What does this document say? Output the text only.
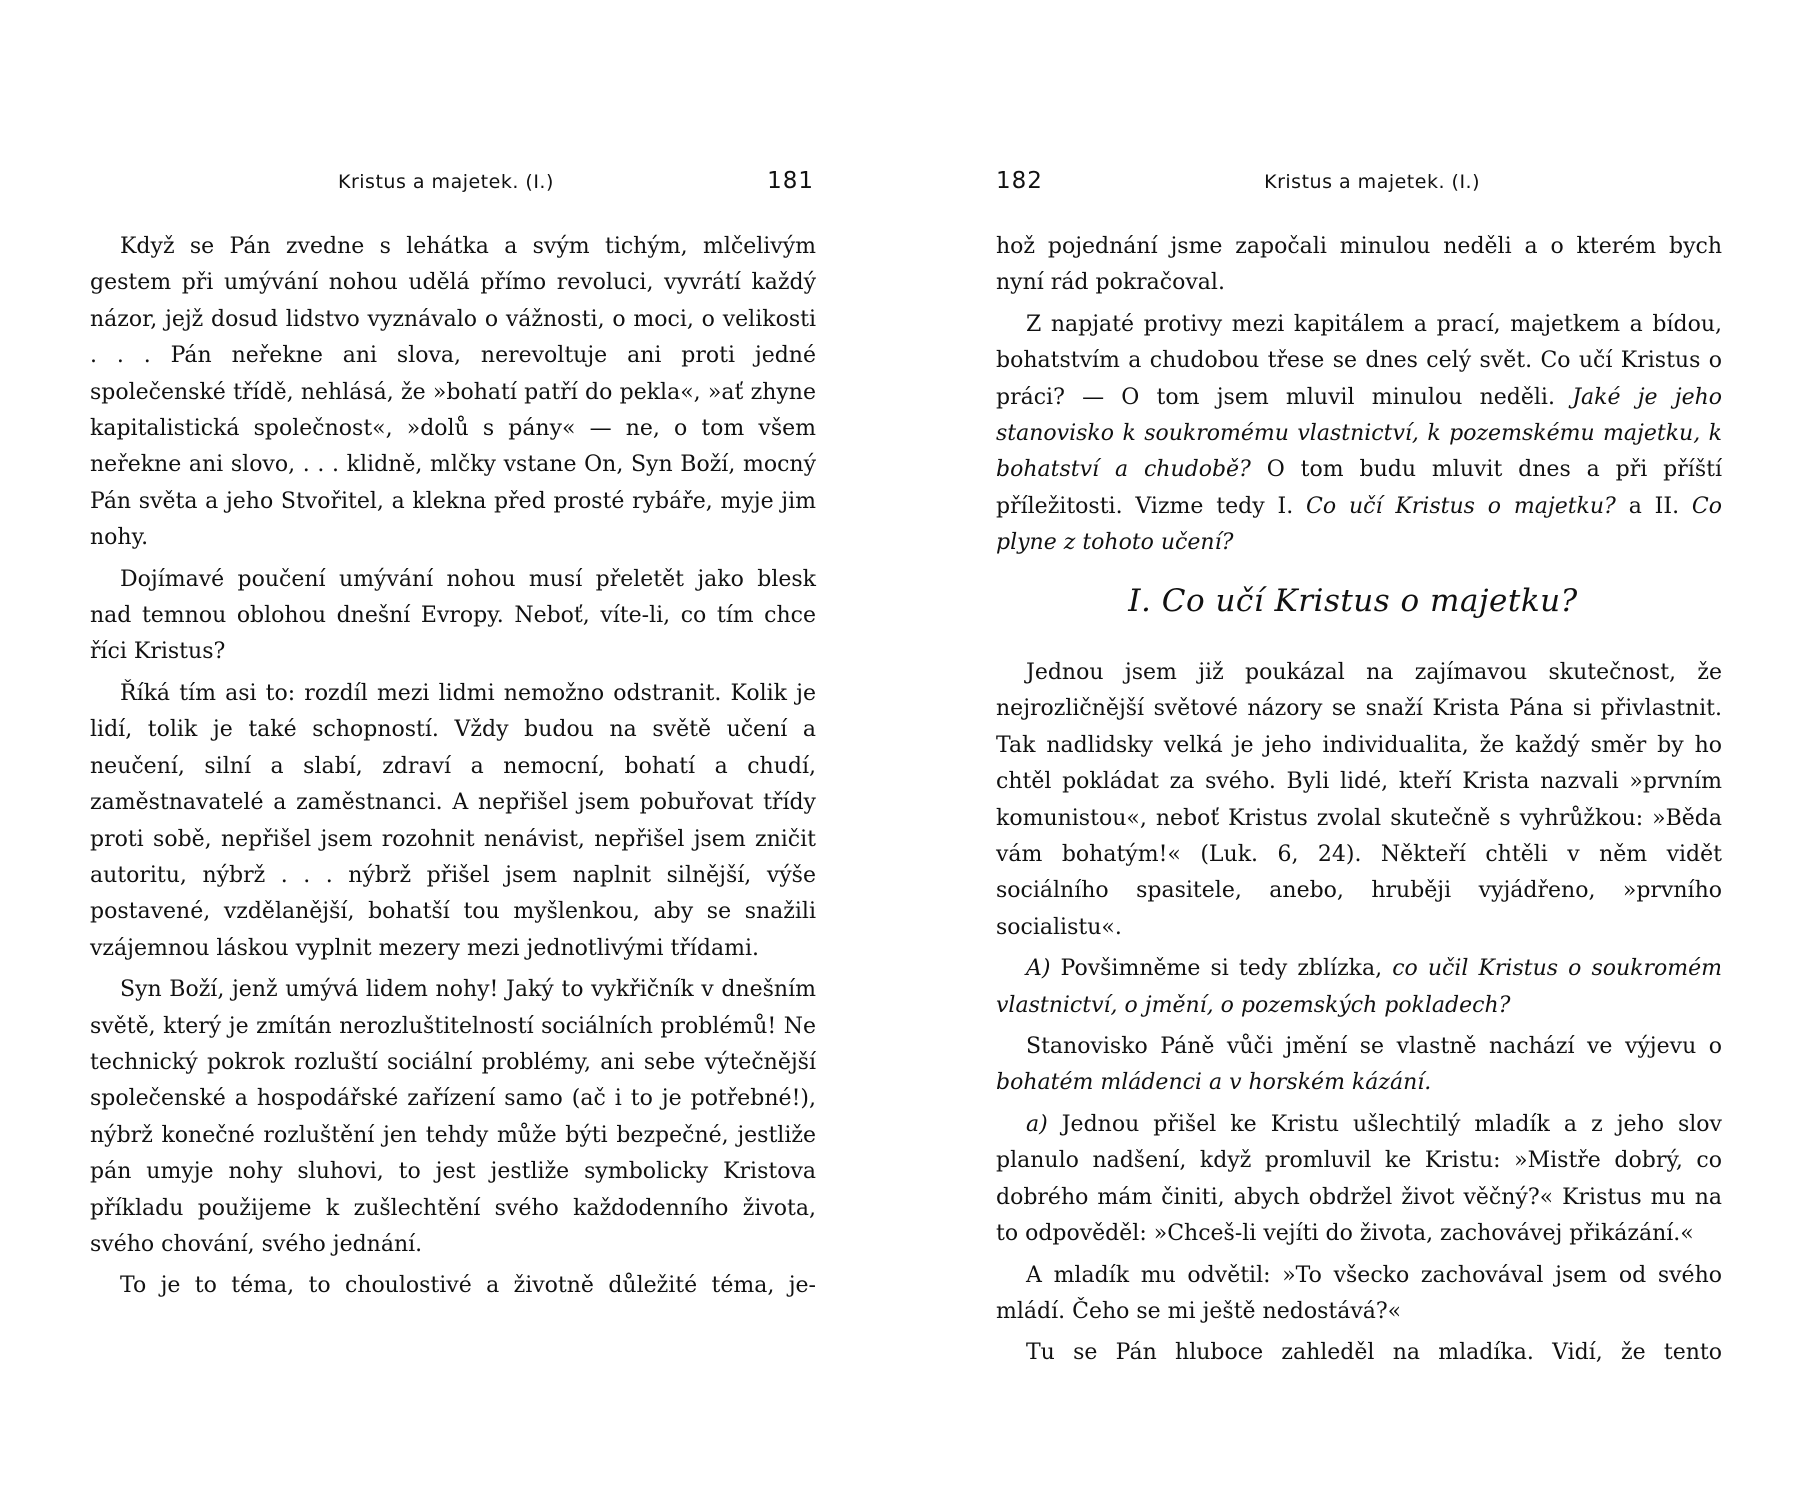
Kristus a majetek. (I.)	181

Když se Pán zvedne s lehátka a svým tichým, mlčelivým gestem při umývání nohou udělá přímo revoluci, vyvrátí každý názor, jejž dosud lidstvo vyznávalo o vážnosti, o moci, o velikosti . . . Pán neřekne ani slova, nerevoltuje ani proti jedné společenské třídě, nehlásá, že »bohatí patří do pekla«, »ať zhyne kapitalistická společnost«, »dolů s pány« — ne, o tom všem neřekne ani slovo, . . . klidně, mlčky vstane On, Syn Boží, mocný Pán světa a jeho Stvořitel, a klekna před prosté rybáře, myje jim nohy.

Dojímavé poučení umývání nohou musí přeletět jako blesk nad temnou oblohou dnešní Evropy. Neboť, víte-li, co tím chce říci Kristus?

Říká tím asi to: rozdíl mezi lidmi nemožno odstranit. Kolik je lidí, tolik je také schopností. Vždy budou na světě učení a neučení, silní a slabí, zdraví a nemocní, bohatí a chudí, zaměstnavatelé a zaměstnanci. A nepřišel jsem pobuřovat třídy proti sobě, nepřišel jsem rozohnit nenávist, nepřišel jsem zničit autoritu, nýbrž . . . nýbrž přišel jsem naplnit silnější, výše postavené, vzdělanější, bohatší tou myšlenkou, aby se snažili vzájemnou láskou vyplnit mezery mezi jednotlivými třídami.

Syn Boží, jenž umývá lidem nohy! Jaký to vykřičník v dnešním světě, který je zmítán nerozluštitelností sociálních problémů! Ne technický pokrok rozluští sociální problémy, ani sebe výtečnější společenské a hospodářské zařízení samo (ač i to je potřebné!), nýbrž konečné rozluštění jen tehdy může býti bezpečné, jestliže pán umyje nohy sluhovi, to jest jestliže symbolicky Kristova příkladu použijeme k zušlechtění svého každodenního života, svého chování, svého jednání.

To je to téma, to choulostivé a životně důležité téma, je-

182	Kristus a majetek. (I.)

hož pojednání jsme započali minulou neděli a o kterém bych nyní rád pokračoval.

Z napjaté protivy mezi kapitálem a prací, majetkem a bídou, bohatstvím a chudobou třese se dnes celý svět. Co učí Kristus o práci? — O tom jsem mluvil minulou neděli. Jaké je jeho stanovisko k soukromému vlastnictví, k pozemskému majetku, k bohatství a chudobě? O tom budu mluvit dnes a při příští příležitosti. Vizme tedy I. Co učí Kristus o majetku? a II. Co plyne z tohoto učení?

I. Co učí Kristus o majetku?

Jednou jsem již poukázal na zajímavou skutečnost, že nejrozličnější světové názory se snaží Krista Pána si přivlastnit. Tak nadlidsky velká je jeho individualita, že každý směr by ho chtěl pokládat za svého. Byli lidé, kteří Krista nazvali »prvním komunistou«, neboť Kristus zvolal skutečně s vyhrůžkou: »Běda vám bohatým!« (Luk. 6, 24). Někteří chtěli v něm vidět sociálního spasitele, anebo, hruběji vyjádřeno, »prvního socialistu«.

A) Povšimněme si tedy zblízka, co učil Kristus o soukromém vlastnictví, o jmění, o pozemských pokladech?

Stanovisko Páně vůči jmění se vlastně nachází ve výjevu o bohatém mládenci a v horském kázání.

a) Jednou přišel ke Kristu ušlechtilý mladík a z jeho slov planulo nadšení, když promluvil ke Kristu: »Mistře dobrý, co dobrého mám činiti, abych obdržel život věčný?« Kristus mu na to odpověděl: »Chceš-li vejíti do života, zachovávej přikázání.«

A mladík mu odvětil: »To všecko zachovával jsem od svého mládí. Čeho se mi ještě nedostává?«

Tu se Pán hluboce zahleděl na mladíka. Vidí, že tento
